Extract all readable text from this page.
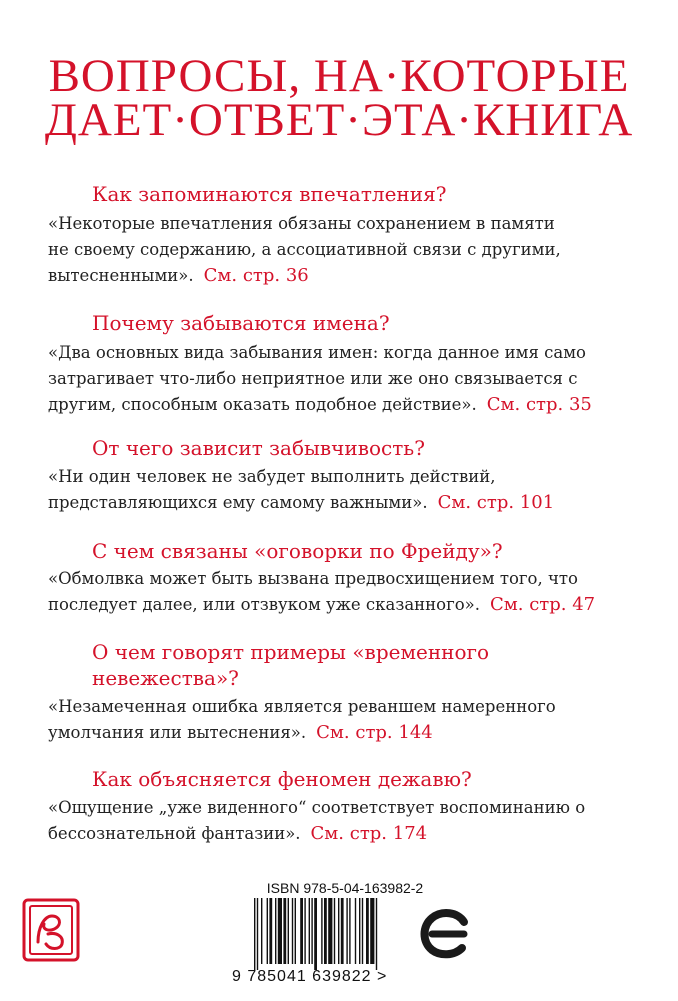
ВОПРОСЫ, НА·КОТОРЫЕ
ДАЕТ·ОТВЕТ·ЭТА·КНИГА
Как запоминаются впечатления?
«Некоторые впечатления обязаны сохранением в памяти
не своему содержанию, а ассоциативной связи с другими,
вытесненными». См. стр. 36
Почему забываются имена?
«Два основных вида забывания имен: когда данное имя само
затрагивает что-либо неприятное или же оно связывается с
другим, способным оказать подобное действие». См. стр. 35
От чего зависит забывчивость?
«Ни один человек не забудет выполнить действий,
представляющихся ему самому важными». См. стр. 101
С чем связаны «оговорки по Фрейду»?
«Обмолвка может быть вызвана предвосхищением того, что
последует далее, или отзвуком уже сказанного». См. стр. 47
О чем говорят примеры «временного
невежества»?
«Незамеченная ошибка является реваншем намеренного
умолчания или вытеснения». См. стр. 144
Как объясняется феномен дежавю?
«Ощущение „уже виденного“ соответствует воспоминанию о
бессознательной фантазии». См. стр. 174
ISBN 978-5-04-163982-2
9 785041 639822 >
